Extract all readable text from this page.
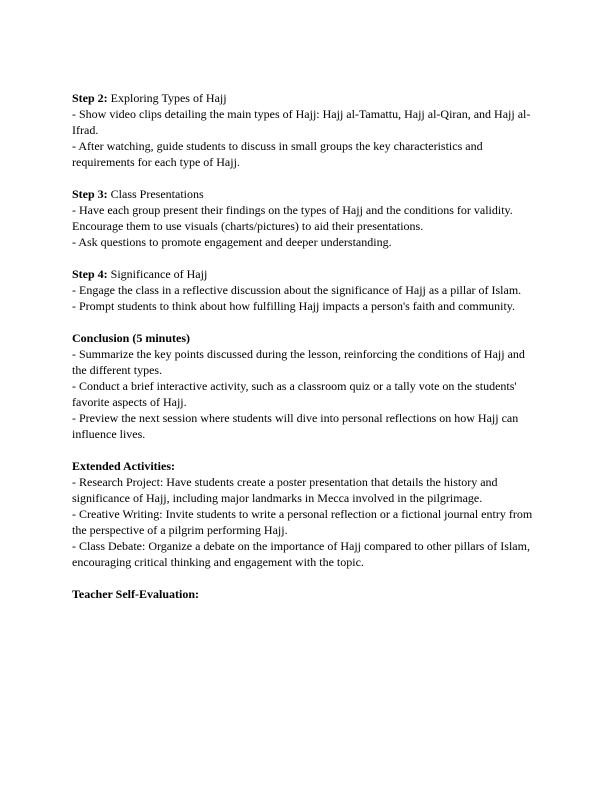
Step 2: Exploring Types of Hajj
- Show video clips detailing the main types of Hajj: Hajj al-Tamattu, Hajj al-Qiran, and Hajj al-
Ifrad.
- After watching, guide students to discuss in small groups the key characteristics and
requirements for each type of Hajj.
Step 3: Class Presentations
- Have each group present their findings on the types of Hajj and the conditions for validity.
Encourage them to use visuals (charts/pictures) to aid their presentations.
- Ask questions to promote engagement and deeper understanding.
Step 4: Significance of Hajj
- Engage the class in a reflective discussion about the significance of Hajj as a pillar of Islam.
- Prompt students to think about how fulfilling Hajj impacts a person's faith and community.
Conclusion (5 minutes)
- Summarize the key points discussed during the lesson, reinforcing the conditions of Hajj and
the different types.
- Conduct a brief interactive activity, such as a classroom quiz or a tally vote on the students'
favorite aspects of Hajj.
- Preview the next session where students will dive into personal reflections on how Hajj can
influence lives.
Extended Activities:
- Research Project: Have students create a poster presentation that details the history and
significance of Hajj, including major landmarks in Mecca involved in the pilgrimage.
- Creative Writing: Invite students to write a personal reflection or a fictional journal entry from
the perspective of a pilgrim performing Hajj.
- Class Debate: Organize a debate on the importance of Hajj compared to other pillars of Islam,
encouraging critical thinking and engagement with the topic.
Teacher Self-Evaluation:
